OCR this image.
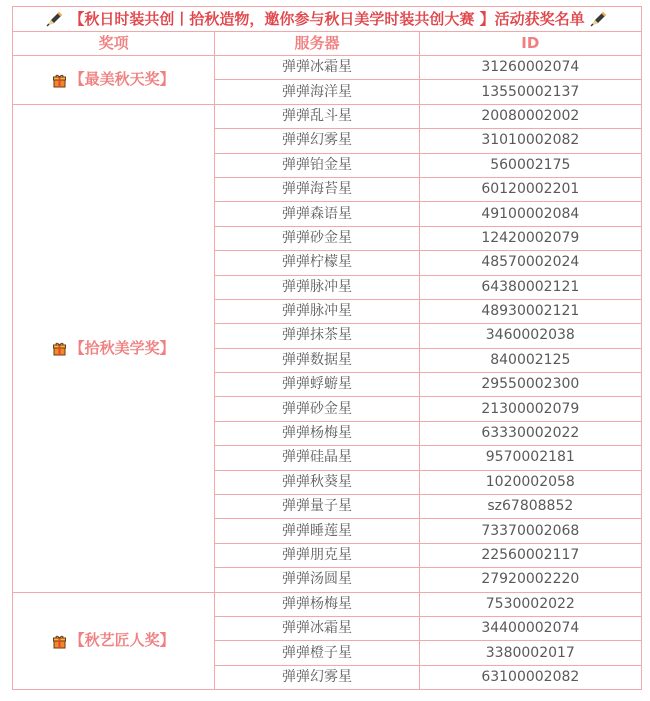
【秋日时装共创丨拾秋造物，邀你参与秋日美学时装共创大赛 】活动获奖名单		
奖项	服务器	ID
【最美秋天奖】	弹弹冰霜星	31260002074
	弹弹海洋星	13550002137
【拾秋美学奖】	弹弹乱斗星	20080002002
	弹弹幻雾星	31010002082
	弹弹铂金星	560002175
	弹弹海苔星	60120002201
	弹弹森语星	49100002084
	弹弹砂金星	12420002079
	弹弹柠檬星	48570002024
	弹弹脉冲星	64380002121
	弹弹脉冲星	48930002121
	弹弹抹茶星	3460002038
	弹弹数据星	840002125
	弹弹蜉蝣星	29550002300
	弹弹砂金星	21300002079
	弹弹杨梅星	63330002022
	弹弹硅晶星	9570002181
	弹弹秋葵星	1020002058
	弹弹量子星	sz67808852
	弹弹睡莲星	73370002068
	弹弹朋克星	22560002117
	弹弹汤圆星	27920002220
【秋艺匠人奖】	弹弹杨梅星	7530002022
	弹弹冰霜星	34400002074
	弹弹橙子星	3380002017
	弹弹幻雾星	63100002082
